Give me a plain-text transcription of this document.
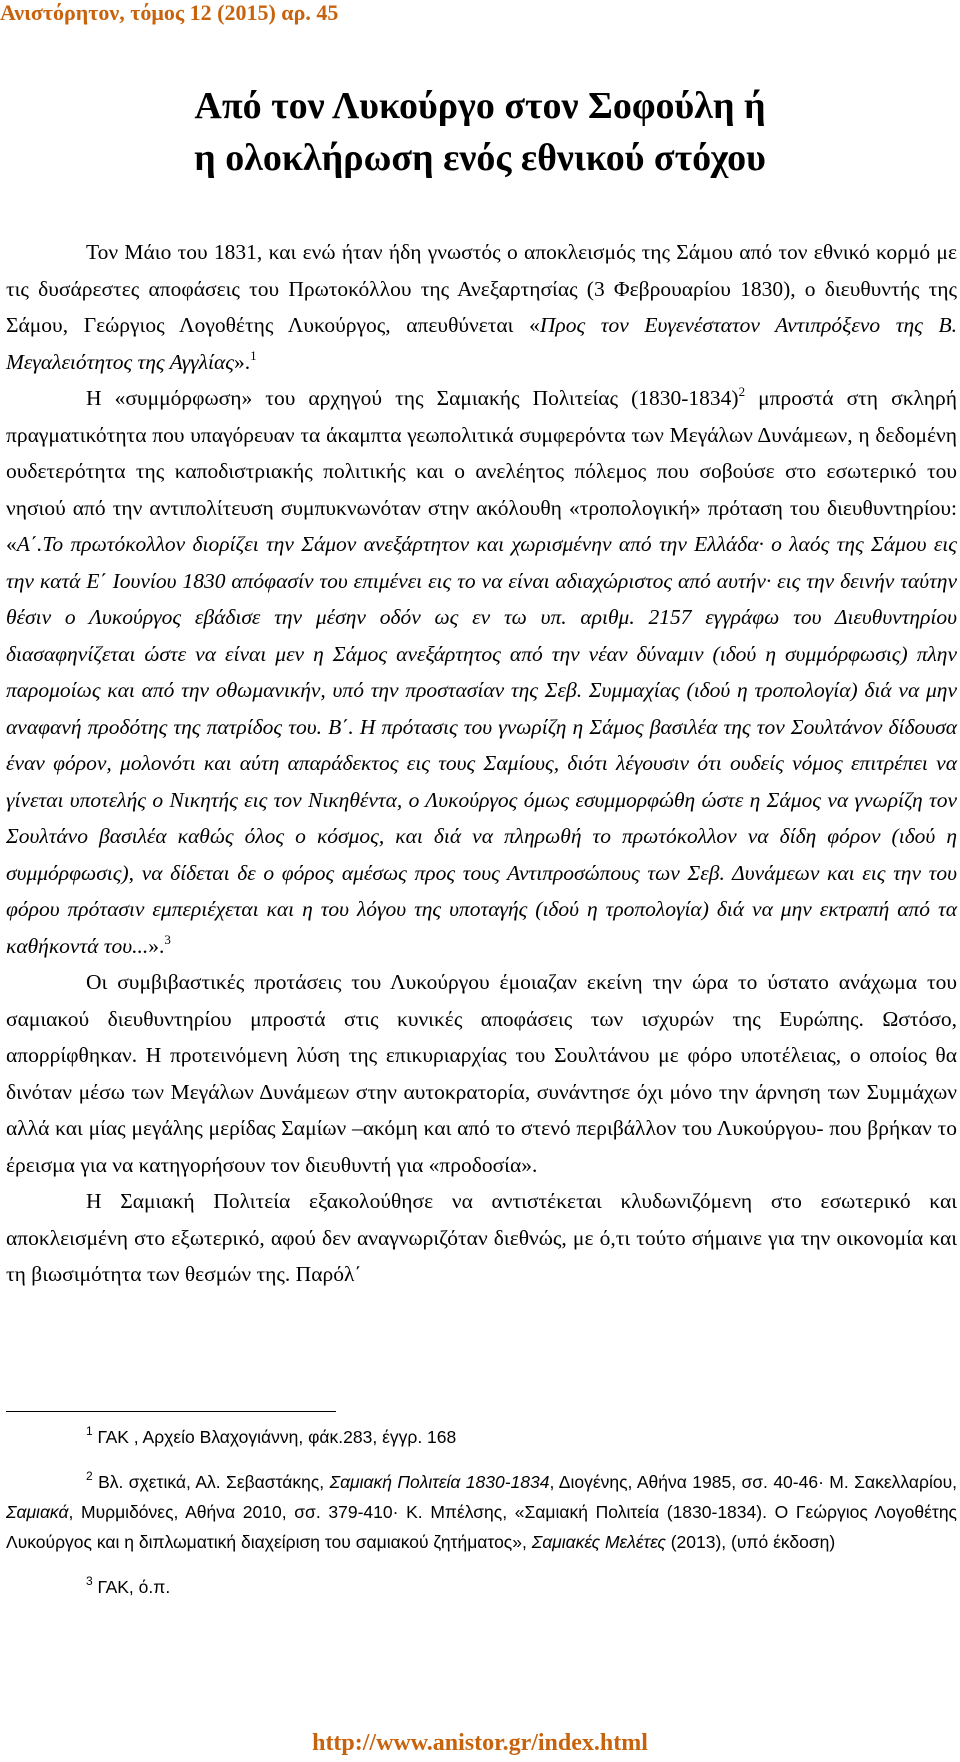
Ανιστόρητον, τόμος 12 (2015) αρ. 45

Από τον Λυκούργο στον Σοφούλη ή
η ολοκλήρωση ενός εθνικού στόχου

Τον Μάιο του 1831, και ενώ ήταν ήδη γνωστός ο αποκλεισμός της Σάμου από τον εθνικό κορμό με τις δυσάρεστες αποφάσεις του Πρωτοκόλλου της Ανεξαρτησίας (3 Φεβρουαρίου 1830), ο διευθυντής της Σάμου, Γεώργιος Λογοθέτης Λυκούργος, απευθύνεται «Προς τον Ευγενέστατον Αντιπρόξενο της Β. Μεγαλειότητος της Αγγλίας».$^1$

Η «συμμόρφωση» του αρχηγού της Σαμιακής Πολιτείας (1830-1834)$^2$ μπροστά στη σκληρή πραγματικότητα που υπαγόρευαν τα άκαμπτα γεωπολιτικά συμφερόντα των Μεγάλων Δυνάμεων, η δεδομένη ουδετερότητα της καποδιστριακής πολιτικής και ο ανελέητος πόλεμος που σοβούσε στο εσωτερικό του νησιού από την αντιπολίτευση συμπυκνωνόταν στην ακόλουθη «τροπολογική» πρόταση του διευθυντηρίου: «Α΄.Το πρωτόκολλον διορίζει την Σάμον ανεξάρτητον και χωρισμένην από την Ελλάδα· ο λαός της Σάμου εις την κατά Ε΄ Ιουνίου 1830 απόφασίν του επιμένει εις το να είναι αδιαχώριστος από αυτήν· εις την δεινήν ταύτην θέσιν ο Λυκούργος εβάδισε την μέσην οδόν ως εν τω υπ. αριθμ. 2157 εγγράφω του Διευθυντηρίου διασαφηνίζεται ώστε να είναι μεν η Σάμος ανεξάρτητος από την νέαν δύναμιν (ιδού η συμμόρφωσις) πλην παρομοίως και από την οθωμανικήν, υπό την προστασίαν της Σεβ. Συμμαχίας (ιδού η τροπολογία) διά να μην αναφανή προδότης της πατρίδος του. Β΄. Η πρότασις του γνωρίζη η Σάμος βασιλέα της τον Σουλτάνον δίδουσα έναν φόρον, μολονότι και αύτη απαράδεκτος εις τους Σαμίους, διότι λέγουσιν ότι ουδείς νόμος επιτρέπει να γίνεται υποτελής ο Νικητής εις τον Νικηθέντα, ο Λυκούργος όμως εσυμμορφώθη ώστε η Σάμος να γνωρίζη τον Σουλτάνο βασιλέα καθώς όλος ο κόσμος, και διά να πληρωθή το πρωτόκολλον να δίδη φόρον (ιδού η συμμόρφωσις), να δίδεται δε ο φόρος αμέσως προς τους Αντιπροσώπους των Σεβ. Δυνάμεων και εις την του φόρου πρότασιν εμπεριέχεται και η του λόγου της υποταγής (ιδού η τροπολογία) διά να μην εκτραπή από τα καθήκοντά του...».$^3$

Οι συμβιβαστικές προτάσεις του Λυκούργου έμοιαζαν εκείνη την ώρα το ύστατο ανάχωμα του σαμιακού διευθυντηρίου μπροστά στις κυνικές αποφάσεις των ισχυρών της Ευρώπης. Ωστόσο, απορρίφθηκαν. Η προτεινόμενη λύση της επικυριαρχίας του Σουλτάνου με φόρο υποτέλειας, ο οποίος θα δινόταν μέσω των Μεγάλων Δυνάμεων στην αυτοκρατορία, συνάντησε όχι μόνο την άρνηση των Συμμάχων αλλά και μίας μεγάλης μερίδας Σαμίων –ακόμη και από το στενό περιβάλλον του Λυκούργου- που βρήκαν το έρεισμα για να κατηγορήσουν τον διευθυντή για «προδοσία».

Η Σαμιακή Πολιτεία εξακολούθησε να αντιστέκεται κλυδωνιζόμενη στο εσωτερικό και αποκλεισμένη στο εξωτερικό, αφού δεν αναγνωριζόταν διεθνώς, με ό,τι τούτο σήμαινε για την οικονομία και τη βιωσιμότητα των θεσμών της. Παρόλ΄

$^1$ ΓΑΚ , Αρχείο Βλαχογιάννη, φάκ.283, έγγρ. 168

$^2$ Βλ. σχετικά, Αλ. Σεβαστάκης, Σαμιακή Πολιτεία 1830-1834, Διογένης, Αθήνα 1985, σσ. 40-46· Μ. Σακελλαρίου, Σαμιακά, Μυρμιδόνες, Αθήνα 2010, σσ. 379-410· Κ. Μπέλσης, «Σαμιακή Πολιτεία (1830-1834). Ο Γεώργιος Λογοθέτης Λυκούργος και η διπλωματική διαχείριση του σαμιακού ζητήματος», Σαμιακές Μελέτες (2013), (υπό έκδοση)

$^3$ ΓΑΚ, ό.π.

http://www.anistor.gr/index.html
